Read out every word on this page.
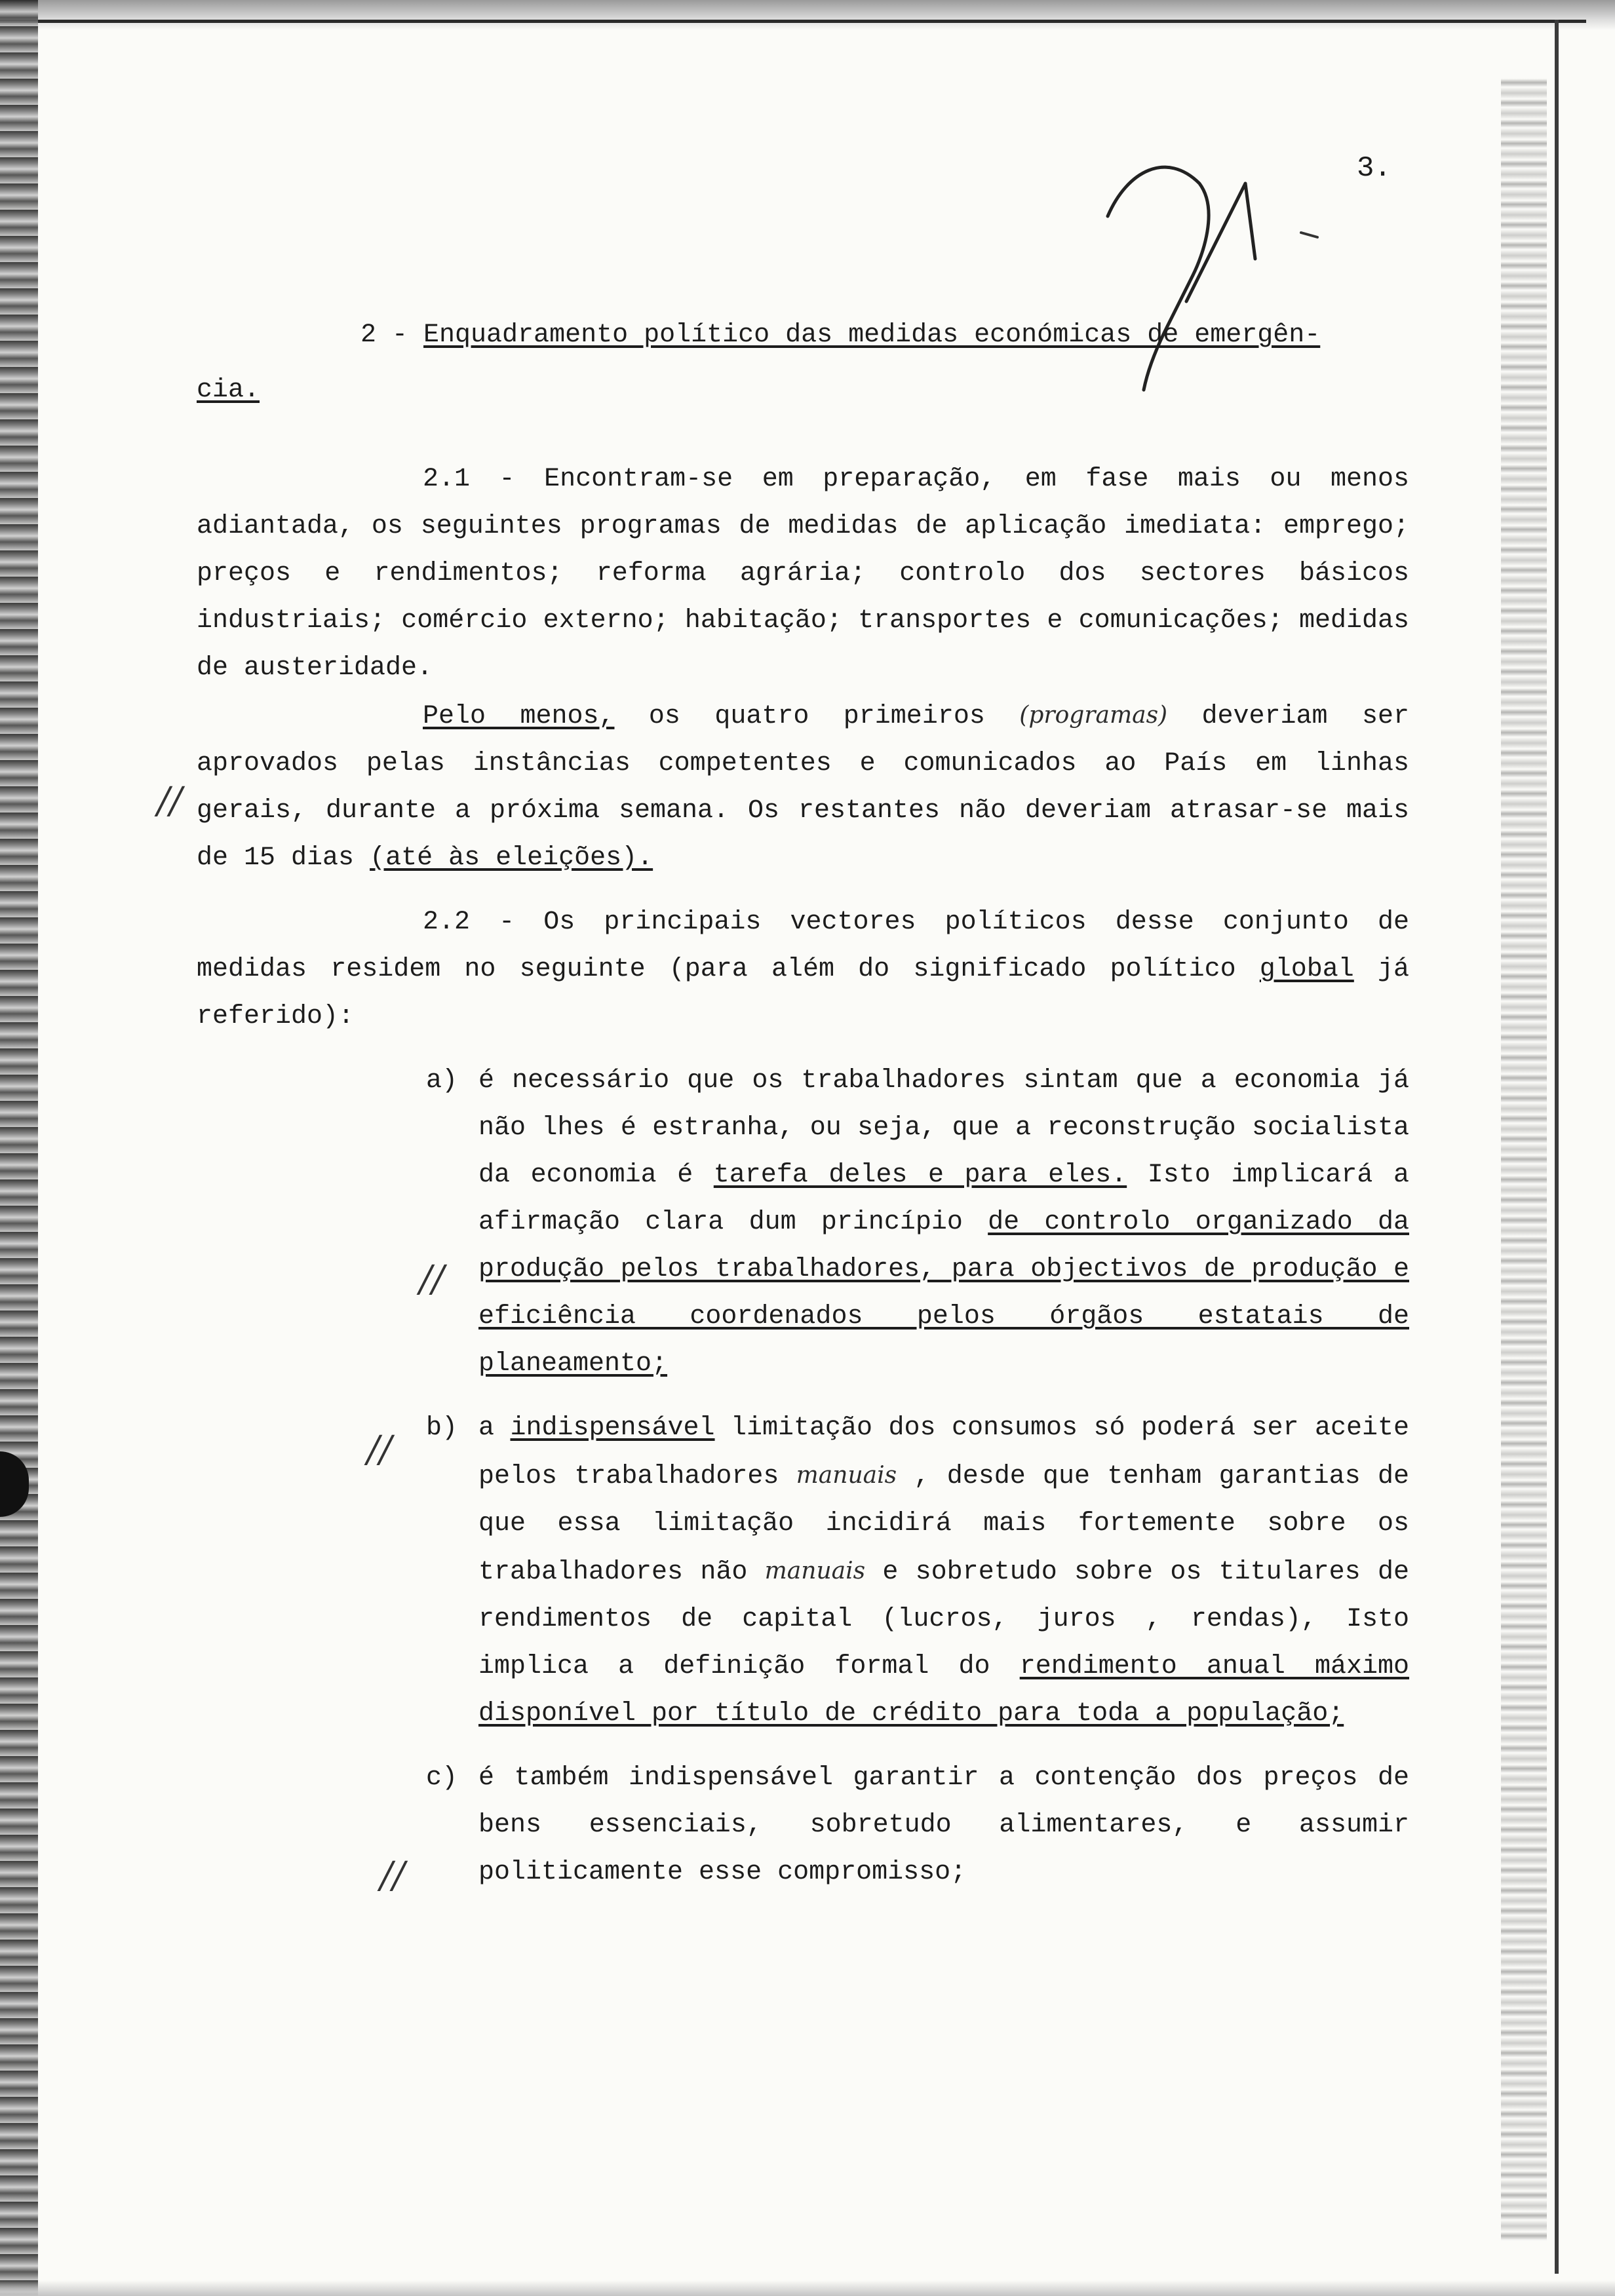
3.

2 - Enquadramento político das medidas económicas de emergên-
cia.

2.1 - Encontram-se em preparação, em fase mais ou menos adiantada, os seguintes programas de medidas de aplicação imediata: emprego; preços e rendimentos; reforma agrária; controlo dos sectores básicos industriais; comércio externo; habitação; transportes e comunicações; medidas de austeridade.

Pelo menos, os quatro primeiros (programas) deveriam ser aprovados pelas instâncias competentes e comunicados ao País em linhas gerais, durante a próxima semana. Os restantes não deveriam atrasar-se mais de 15 dias (até às eleições).

2.2 - Os principais vectores políticos desse conjunto de medidas residem no seguinte (para além do significado político global já referido):

a) é necessário que os trabalhadores sintam que a economia já não lhes é estranha, ou seja, que a reconstrução socialista da economia é tarefa deles e para eles. Isto implicará a afirmação clara dum princípio de controlo organizado da produção pelos trabalhadores, para objectivos de produção e eficiência coordenados pelos órgãos estatais de planeamento;
b) a indispensável limitação dos consumos só poderá ser aceite pelos trabalhadores manuais , desde que tenham garantias de que essa limitação incidirá mais fortemente sobre os trabalhadores não manuais e sobretudo sobre os titulares de rendimentos de capital (lucros, juros , rendas), Isto implica a definição formal do rendimento anual máximo disponível por título de crédito para toda a população;
c) é também indispensável garantir a contenção dos preços de bens essenciais, sobretudo alimentares, e assumir politicamente esse compromisso;
//
//
//
//
